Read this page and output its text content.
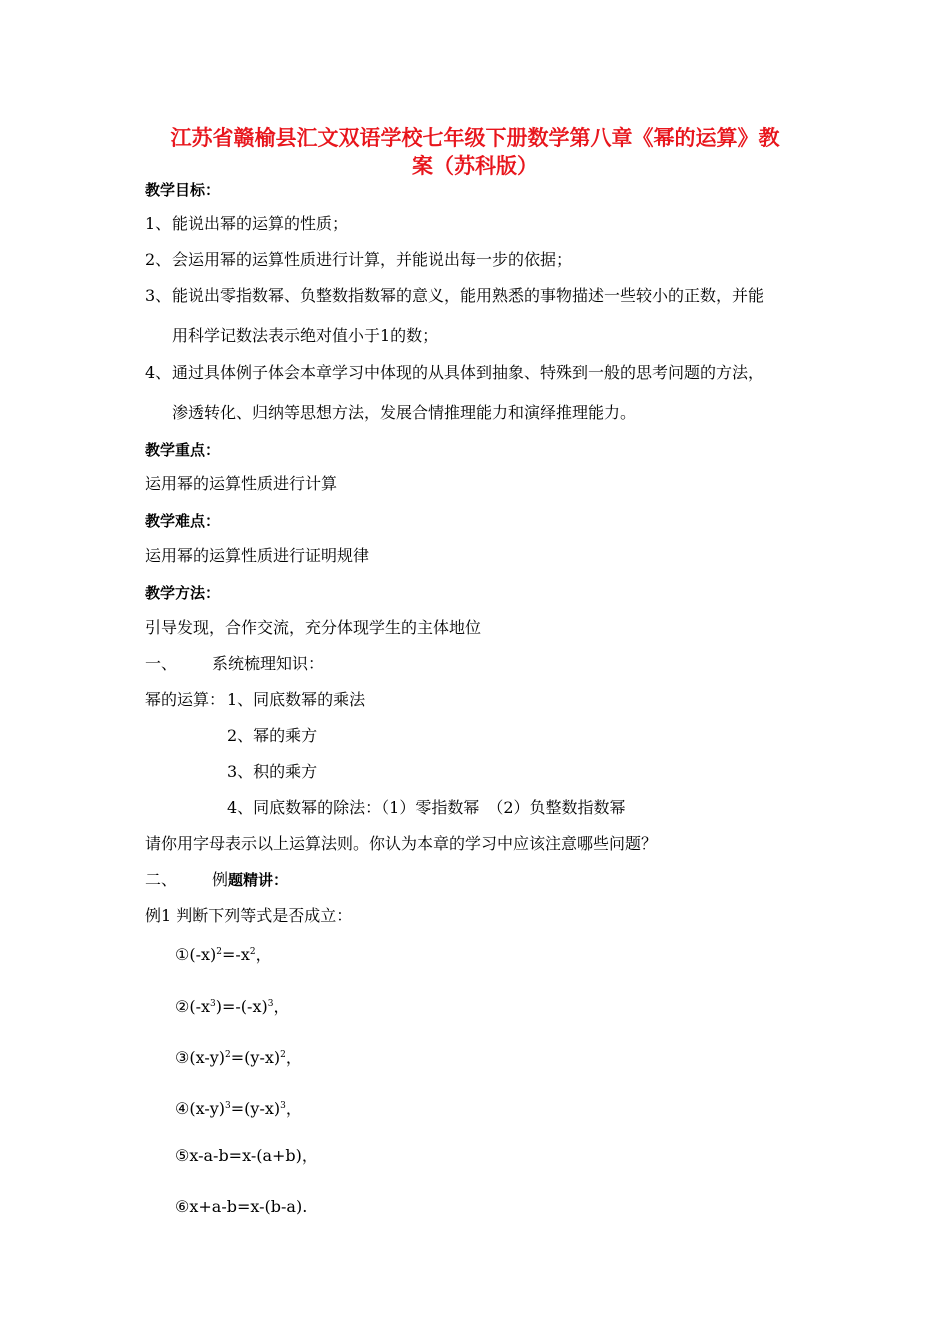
江苏省赣榆县汇文双语学校七年级下册数学第八章《幂的运算》教
案（苏科版）
教学目标：
1、 能说出幂的运算的性质；
2、 会运用幂的运算性质进行计算，并能说出每一步的依据；
3、 能说出零指数幂、负整数指数幂的意义，能用熟悉的事物描述一些较小的正数，并能
用科学记数法表示绝对值小于1的数；
4、 通过具体例子体会本章学习中体现的从具体到抽象、特殊到一般的思考问题的方法，
渗透转化、归纳等思想方法，发展合情推理能力和演绎推理能力。
教学重点：
运用幂的运算性质进行计算
教学难点：
运用幂的运算性质进行证明规律
教学方法：
引导发现，合作交流，充分体现学生的主体地位
一、 系统梳理知识：
幂的运算： 1、同底数幂的乘法
2、幂的乘方
3、积的乘方
4、同底数幂的除法：（1）零指数幂　（2）负整数指数幂
请你用字母表示以上运算法则。你认为本章的学习中应该注意哪些问题？
二、 例题精讲：
例1 判断下列等式是否成立：
$①(-x)^2=-x^2$，
$②(-x^3)=-(-x)^3$，
$③(x-y)^2=(y-x)^2$，
$④(x-y)^3=(y-x)^3$，
⑤x-a-b=x-(a+b)，
⑥x+a-b=x-(b-a).
